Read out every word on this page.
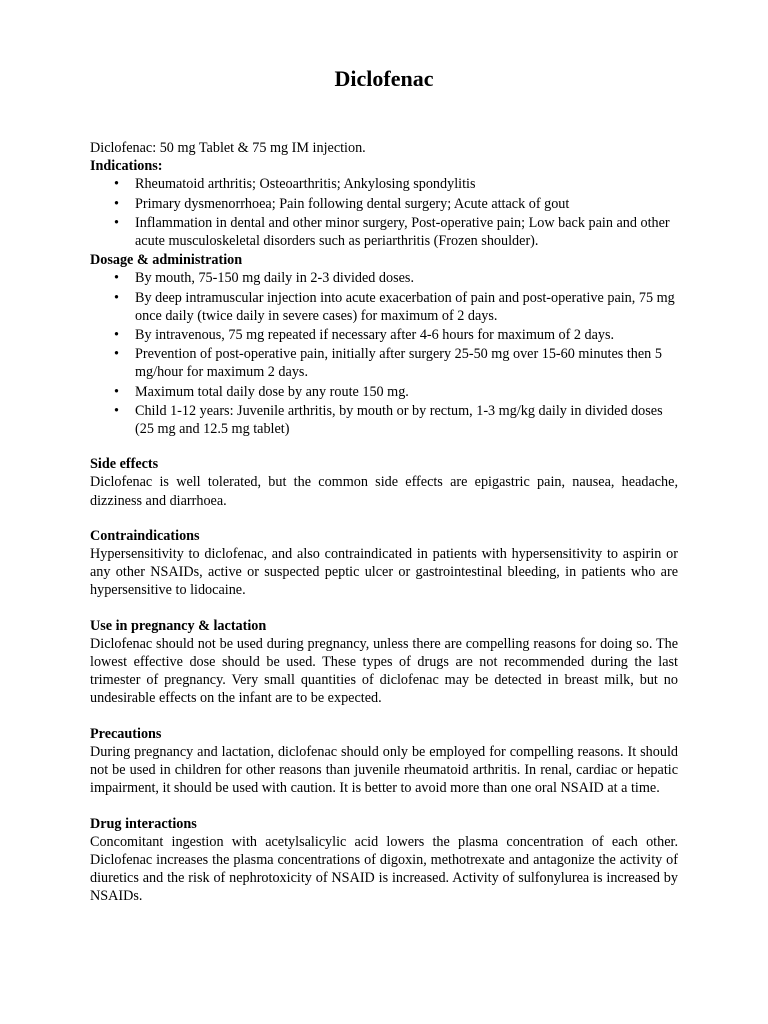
Diclofenac

Diclofenac: 50 mg Tablet & 75 mg IM injection.

Indications:

• Rheumatoid arthritis; Osteoarthritis; Ankylosing spondylitis
• Primary dysmenorrhoea; Pain following dental surgery; Acute attack of gout
• Inflammation in dental and other minor surgery, Post-operative pain; Low back pain and other acute musculoskeletal disorders such as periarthritis (Frozen shoulder).

Dosage & administration

• By mouth, 75-150 mg daily in 2-3 divided doses.
• By deep intramuscular injection into acute exacerbation of pain and post-operative pain, 75 mg once daily (twice daily in severe cases) for maximum of 2 days.
• By intravenous, 75 mg repeated if necessary after 4-6 hours for maximum of 2 days.
• Prevention of post-operative pain, initially after surgery 25-50 mg over 15-60 minutes then 5 mg/hour for maximum 2 days.
• Maximum total daily dose by any route 150 mg.
• Child 1-12 years: Juvenile arthritis, by mouth or by rectum, 1-3 mg/kg daily in divided doses (25 mg and 12.5 mg tablet)

Side effects

Diclofenac is well tolerated, but the common side effects are epigastric pain, nausea, headache, dizziness and diarrhoea.

Contraindications

Hypersensitivity to diclofenac, and also contraindicated in patients with hypersensitivity to aspirin or any other NSAIDs, active or suspected peptic ulcer or gastrointestinal bleeding, in patients who are hypersensitive to lidocaine.

Use in pregnancy & lactation

Diclofenac should not be used during pregnancy, unless there are compelling reasons for doing so. The lowest effective dose should be used. These types of drugs are not recommended during the last trimester of pregnancy. Very small quantities of diclofenac may be detected in breast milk, but no undesirable effects on the infant are to be expected.

Precautions

During pregnancy and lactation, diclofenac should only be employed for compelling reasons. It should not be used in children for other reasons than juvenile rheumatoid arthritis. In renal, cardiac or hepatic impairment, it should be used with caution. It is better to avoid more than one oral NSAID at a time.

Drug interactions

Concomitant ingestion with acetylsalicylic acid lowers the plasma concentration of each other. Diclofenac increases the plasma concentrations of digoxin, methotrexate and antagonize the activity of diuretics and the risk of nephrotoxicity of NSAID is increased. Activity of sulfonylurea is increased by NSAIDs.
